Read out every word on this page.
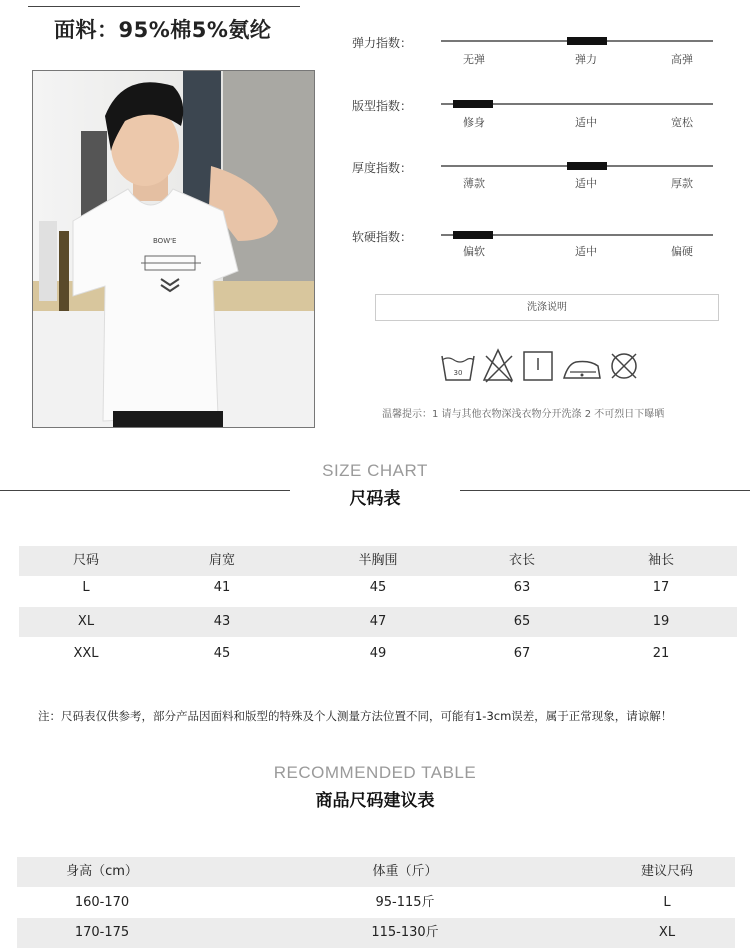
面料：95%棉5%氨纶
BOW'E
弹力指数：
无弹	弹力	高弹
版型指数：
修身	适中	宽松
厚度指数：
薄款	适中	厚款
软硬指数：
偏软	适中	偏硬
洗涤说明
30
温馨提示：1 请与其他衣物深浅衣物分开洗涤 2 不可烈日下曝晒
SIZE CHART
尺码表
尺码	肩宽	半胸围	衣长	袖长
L	41	45	63	17
XL	43	47	65	19
XXL	45	49	67	21
注：尺码表仅供参考，部分产品因面料和版型的特殊及个人测量方法位置不同，可能有1-3cm误差，属于正常现象，请谅解！
RECOMMENDED TABLE
商品尺码建议表
身高（cm）	体重（斤）	建议尺码
160-170	95-115斤	L
170-175	115-130斤	XL
